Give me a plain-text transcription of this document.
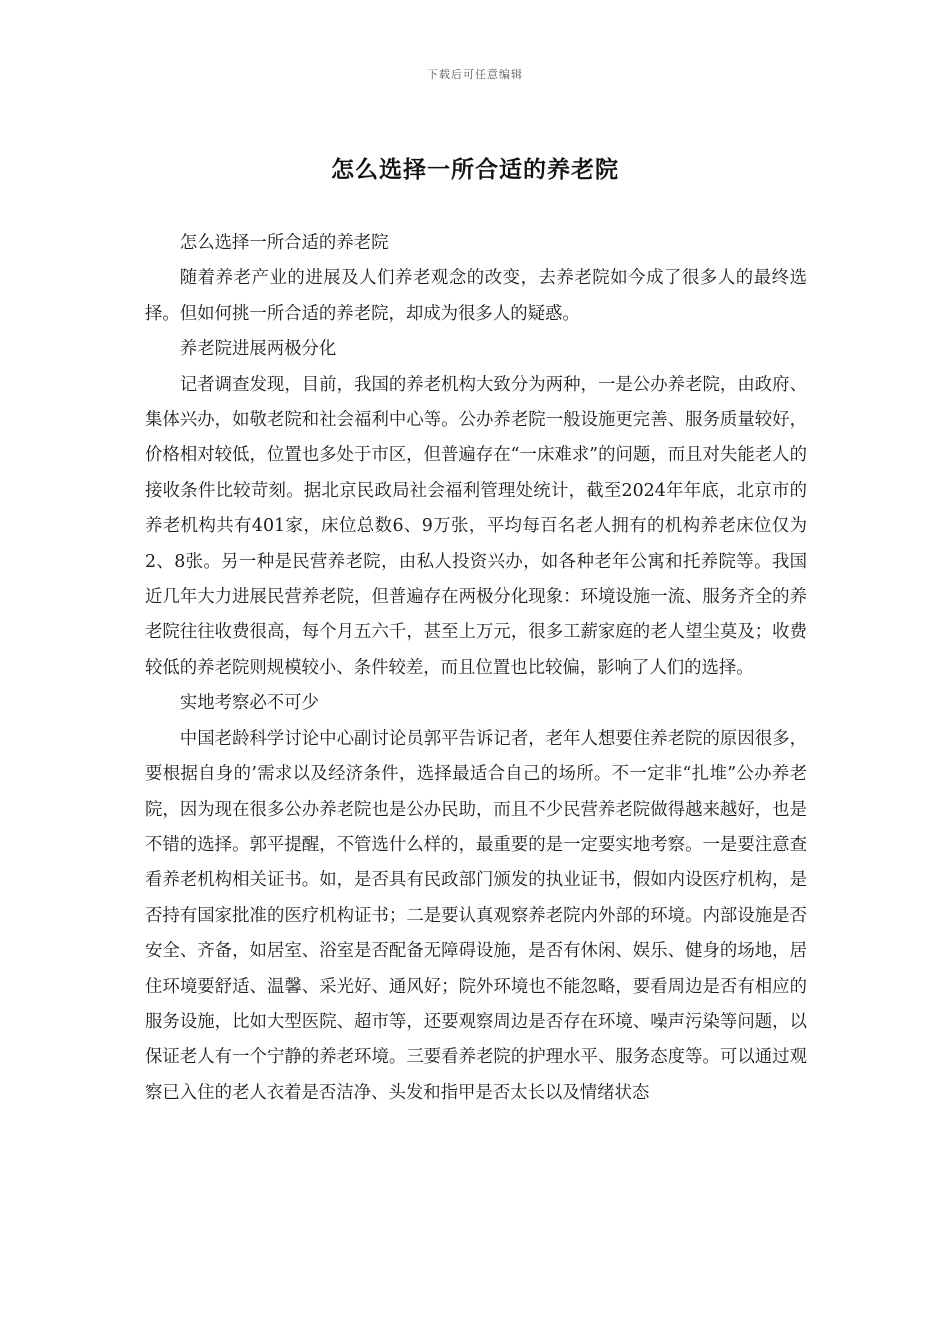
下载后可任意编辑
怎么选择一所合适的养老院

怎么选择一所合适的养老院

随着养老产业的进展及人们养老观念的改变，去养老院如今成了很多人的最终选择。但如何挑一所合适的养老院，却成为很多人的疑惑。

养老院进展两极分化

记者调查发现，目前，我国的养老机构大致分为两种，一是公办养老院，由政府、集体兴办，如敬老院和社会福利中心等。公办养老院一般设施更完善、服务质量较好，价格相对较低，位置也多处于市区，但普遍存在“一床难求”的问题，而且对失能老人的接收条件比较苛刻。据北京民政局社会福利管理处统计，截至2024年年底，北京市的养老机构共有401家，床位总数6、9万张，平均每百名老人拥有的机构养老床位仅为2、8张。另一种是民营养老院，由私人投资兴办，如各种老年公寓和托养院等。我国近几年大力进展民营养老院，但普遍存在两极分化现象：环境设施一流、服务齐全的养老院往往收费很高，每个月五六千，甚至上万元，很多工薪家庭的老人望尘莫及；收费较低的养老院则规模较小、条件较差，而且位置也比较偏，影响了人们的选择。

实地考察必不可少

中国老龄科学讨论中心副讨论员郭平告诉记者，老年人想要住养老院的原因很多，要根据自身的’需求以及经济条件，选择最适合自己的场所。不一定非“扎堆”公办养老院，因为现在很多公办养老院也是公办民助，而且不少民营养老院做得越来越好，也是不错的选择。郭平提醒，不管选什么样的，最重要的是一定要实地考察。一是要注意查看养老机构相关证书。如，是否具有民政部门颁发的执业证书，假如内设医疗机构，是否持有国家批准的医疗机构证书；二是要认真观察养老院内外部的环境。内部设施是否安全、齐备，如居室、浴室是否配备无障碍设施，是否有休闲、娱乐、健身的场地，居住环境要舒适、温馨、采光好、通风好；院外环境也不能忽略，要看周边是否有相应的服务设施，比如大型医院、超市等，还要观察周边是否存在环境、噪声污染等问题，以保证老人有一个宁静的养老环境。三要看养老院的护理水平、服务态度等。可以通过观察已入住的老人衣着是否洁净、头发和指甲是否太长以及情绪状态
